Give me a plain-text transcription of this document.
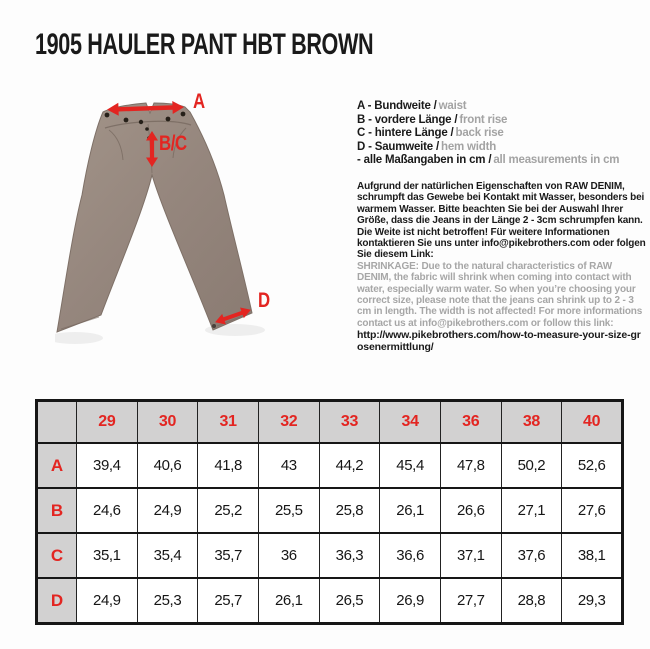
1905 HAULER PANT HBT BROWN
A
B/C
D
A - Bundweite / waist
B - vordere Länge / front rise
C - hintere Länge / back rise
D - Saumweite / hem width
- alle Maßangaben in cm / all measurements in cm

Aufgrund der natürlichen Eigenschaften von RAW DENIM, schrumpft das Gewebe bei Kontakt mit Wasser, besonders bei warmem Wasser. Bitte beachten Sie bei der Auswahl Ihrer Größe, dass die Jeans in der Länge 2 - 3cm schrumpfen kann. Die Weite ist nicht betroffen! Für weitere Informationen kontaktieren Sie uns unter info@pikebrothers.com oder folgen Sie diesem Link:

SHRINKAGE: Due to the natural characteristics of RAW DENIM, the fabric will shrink when coming into contact with water, especially warm water. So when you’re choosing your correct size, please note that the jeans can shrink up to 2 - 3 cm in length. The width is not affected! For more informations contact us at info@pikebrothers.com or follow this link:

http://www.pikebrothers.com/how-to-measure-your-size-grosenermittlung/
	29	30	31	32	33	34	36	38	40
A	39,4	40,6	41,8	43	44,2	45,4	47,8	50,2	52,6
B	24,6	24,9	25,2	25,5	25,8	26,1	26,6	27,1	27,6
C	35,1	35,4	35,7	36	36,3	36,6	37,1	37,6	38,1
D	24,9	25,3	25,7	26,1	26,5	26,9	27,7	28,8	29,3
